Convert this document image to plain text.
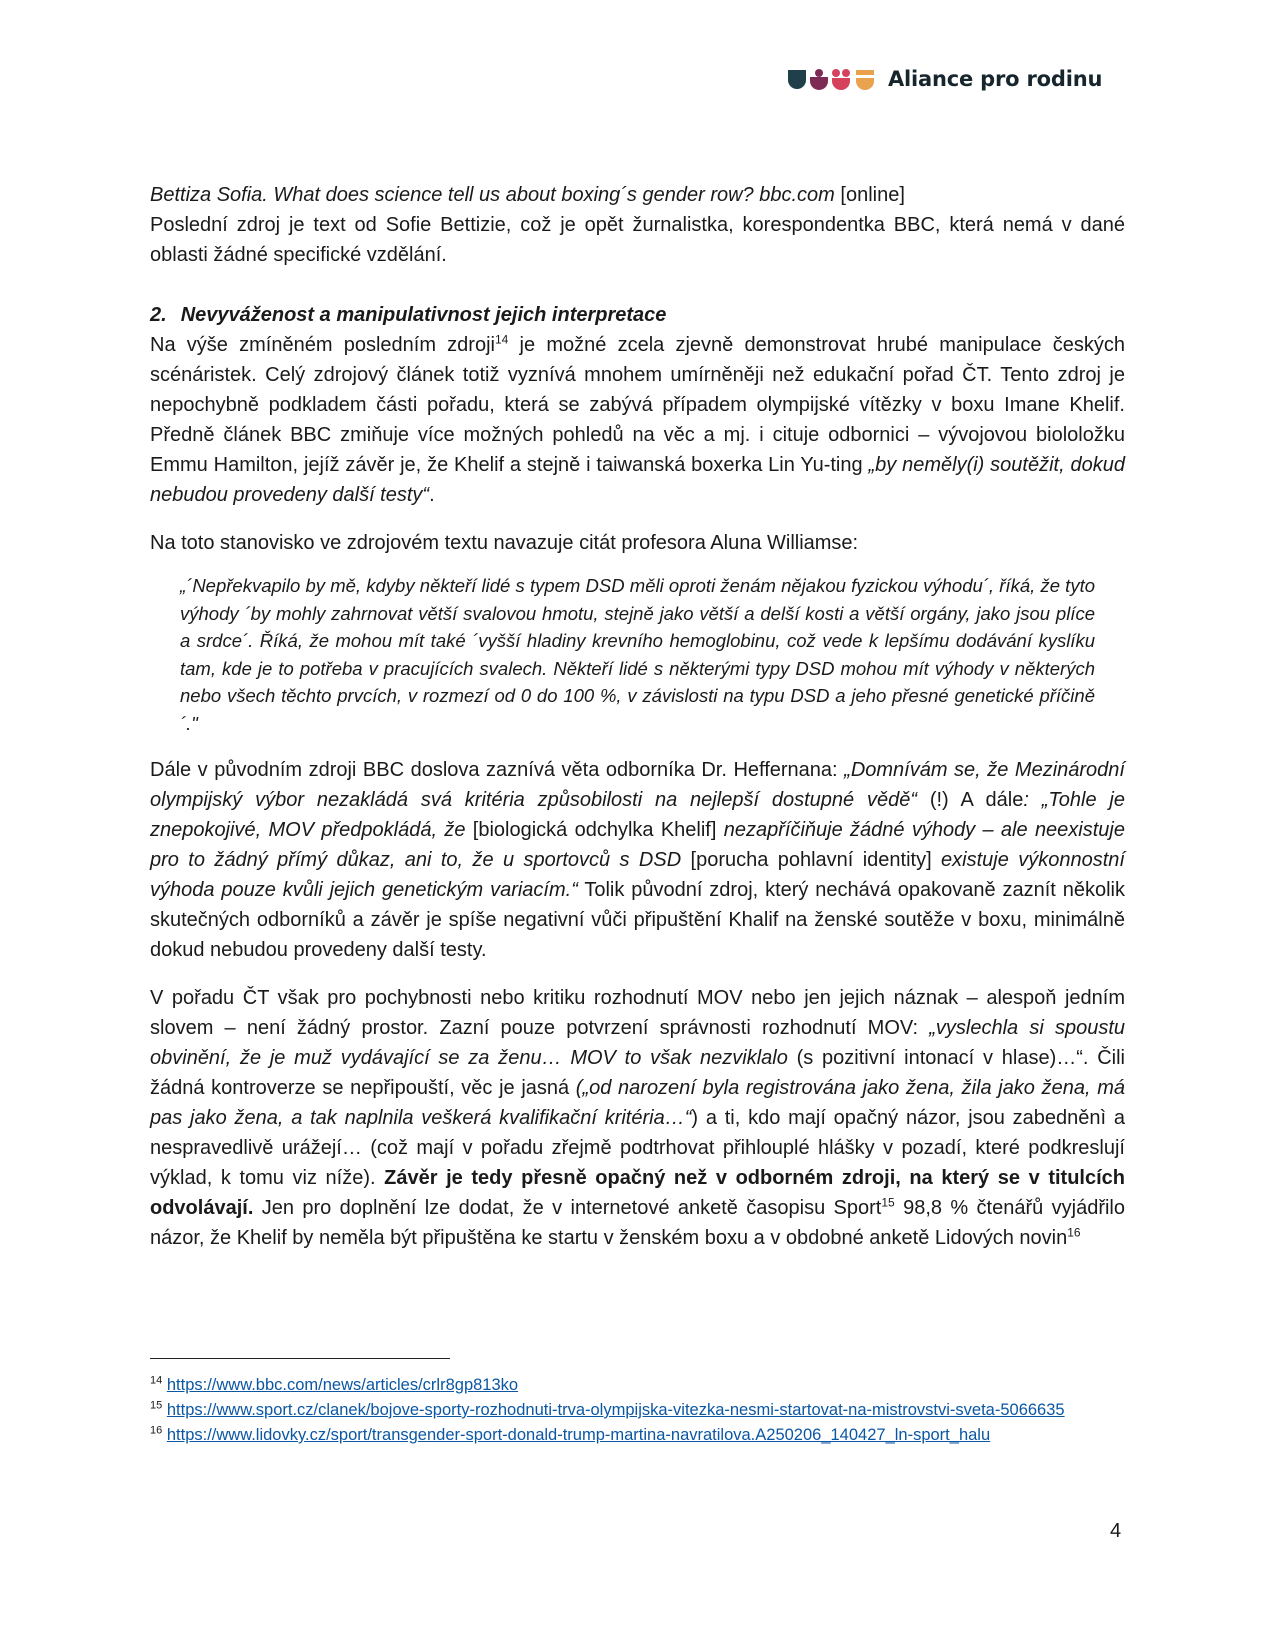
Aliance pro rodinu

Bettiza Sofia. What does science tell us about boxing´s gender row? bbc.com [online]
Poslední zdroj je text od Sofie Bettizie, což je opět žurnalistka, korespondentka BBC, která nemá v dané oblasti žádné specifické vzdělání.

2. Nevyváženost a manipulativnost jejich interpretace

Na výše zmíněném posledním zdroji$^{14}$ je možné zcela zjevně demonstrovat hrubé manipulace českých scénáristek. Celý zdrojový článek totiž vyznívá mnohem umírněněji než edukační pořad ČT. Tento zdroj je nepochybně podkladem části pořadu, která se zabývá případem olympijské vítězky v boxu Imane Khelif. Předně článek BBC zmiňuje více možných pohledů na věc a mj. i cituje odbornici – vývojovou biololožku Emmu Hamilton, jejíž závěr je, že Khelif a stejně i taiwanská boxerka Lin Yu-ting „by neměly(i) soutěžit, dokud nebudou provedeny další testy“.

Na toto stanovisko ve zdrojovém textu navazuje citát profesora Aluna Williamse:

„´Nepřekvapilo by mě, kdyby někteří lidé s typem DSD měli oproti ženám nějakou fyzickou výhodu´, říká, že tyto výhody ´by mohly zahrnovat větší svalovou hmotu, stejně jako větší a delší kosti a větší orgány, jako jsou plíce a srdce´. Říká, že mohou mít také ´vyšší hladiny krevního hemoglobinu, což vede k lepšímu dodávání kyslíku tam, kde je to potřeba v pracujících svalech. Někteří lidé s některými typy DSD mohou mít výhody v některých nebo všech těchto prvcích, v rozmezí od 0 do 100 %, v závislosti na typu DSD a jeho přesné genetické příčině´."

Dále v původním zdroji BBC doslova zaznívá věta odborníka Dr. Heffernana: „Domnívám se, že Mezinárodní olympijský výbor nezakládá svá kritéria způsobilosti na nejlepší dostupné vědě“ (!) A dále: „Tohle je znepokojivé, MOV předpokládá, že [biologická odchylka Khelif] nezapříčiňuje žádné výhody – ale neexistuje pro to žádný přímý důkaz, ani to, že u sportovců s DSD [porucha pohlavní identity] existuje výkonnostní výhoda pouze kvůli jejich genetickým variacím.“ Tolik původní zdroj, který nechává opakovaně zaznít několik skutečných odborníků a závěr je spíše negativní vůči připuštění Khalif na ženské soutěže v boxu, minimálně dokud nebudou provedeny další testy.

V pořadu ČT však pro pochybnosti nebo kritiku rozhodnutí MOV nebo jen jejich náznak – alespoň jedním slovem – není žádný prostor. Zazní pouze potvrzení správnosti rozhodnutí MOV: „vyslechla si spoustu obvinění, že je muž vydávající se za ženu… MOV to však nezviklalo (s pozitivní intonací v hlase)…“. Čili žádná kontroverze se nepřipouští, věc je jasná („od narození byla registrována jako žena, žila jako žena, má pas jako žena, a tak naplnila veškerá kvalifikační kritéria…“) a ti, kdo mají opačný názor, jsou zabedněnì a nespravedlivě urážejí… (což mají v pořadu zřejmě podtrhovat přihlouplé hlášky v pozadí, které podkreslují výklad, k tomu viz níže). Závěr je tedy přesně opačný než v odborném zdroji, na který se v titulcích odvolávají. Jen pro doplnění lze dodat, že v internetové anketě časopisu Sport$^{15}$ 98,8 % čtenářů vyjádřilo názor, že Khelif by neměla být připuštěna ke startu v ženském boxu a v obdobné anketě Lidových novin$^{16}$

$^{14}$ https://www.bbc.com/news/articles/crlr8gp813ko

$^{15}$ https://www.sport.cz/clanek/bojove-sporty-rozhodnuti-trva-olympijska-vitezka-nesmi-startovat-na-mistrovstvi-sveta-5066635

$^{16}$ https://www.lidovky.cz/sport/transgender-sport-donald-trump-martina-navratilova.A250206_140427_ln-sport_halu

4
